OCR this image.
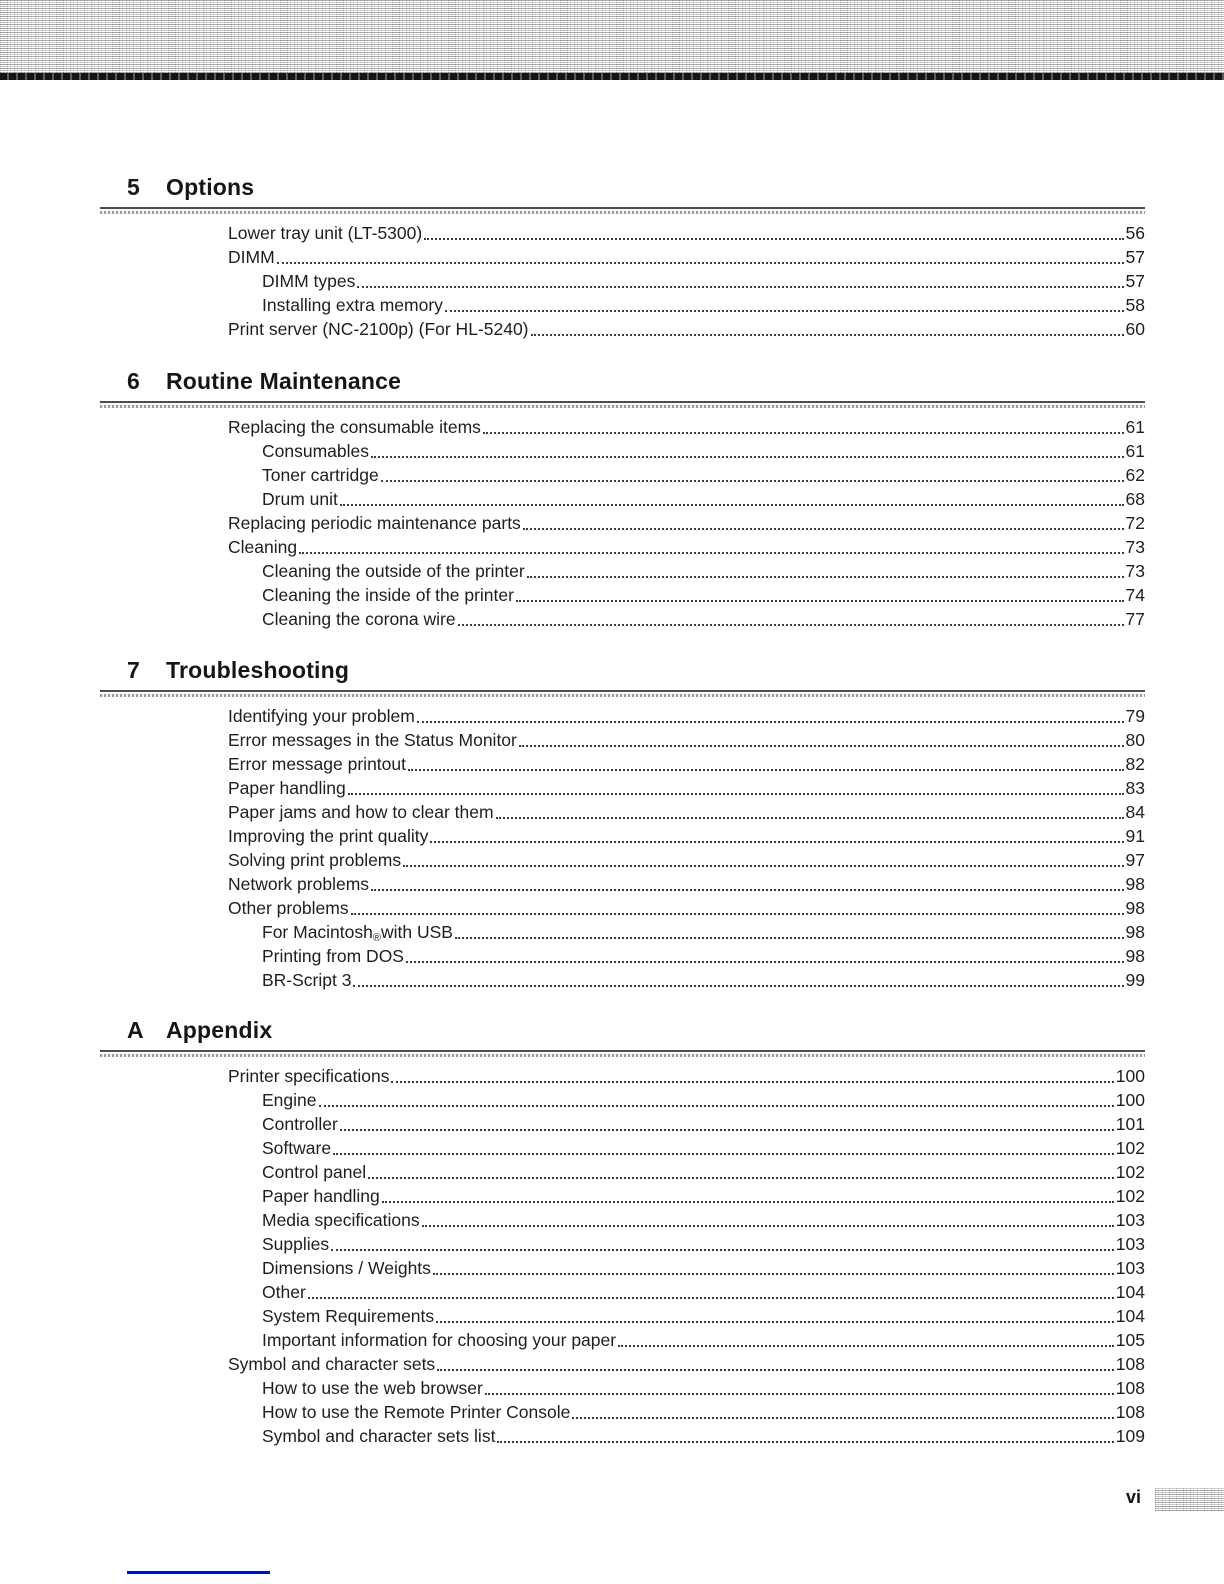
5	Options
Lower tray unit (LT-5300)	56
DIMM	57
DIMM types	57
Installing extra memory	58
Print server (NC-2100p) (For HL-5240)	60
6	Routine Maintenance
Replacing the consumable items	61
Consumables	61
Toner cartridge	62
Drum unit	68
Replacing periodic maintenance parts	72
Cleaning	73
Cleaning the outside of the printer	73
Cleaning the inside of the printer	74
Cleaning the corona wire	77
7	Troubleshooting
Identifying your problem	79
Error messages in the Status Monitor	80
Error message printout	82
Paper handling	83
Paper jams and how to clear them	84
Improving the print quality	91
Solving print problems	97
Network problems	98
Other problems	98
For Macintosh$_®$ with USB	98
Printing from DOS	98
BR-Script 3	99
A Appendix
Printer specifications	100
Engine	100
Controller	101
Software	102
Control panel	102
Paper handling	102
Media specifications	103
Supplies	103
Dimensions / Weights	103
Other	104
System Requirements	104
Important information for choosing your paper	105
Symbol and character sets	108
How to use the web browser	108
How to use the Remote Printer Console	108
Symbol and character sets list	109
vi
